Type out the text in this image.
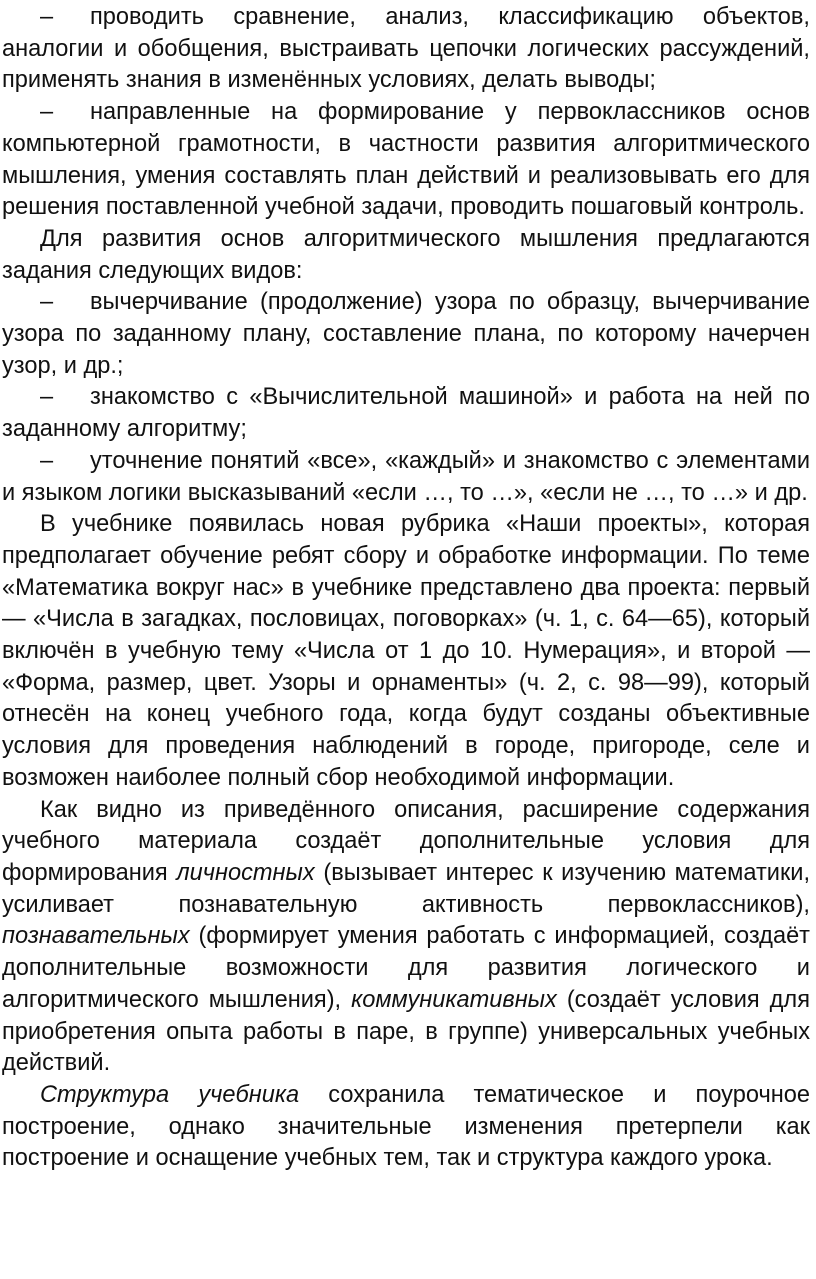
– проводить сравнение, анализ, классификацию объектов, аналогии и обобщения, выстраивать цепочки логических рассуждений, применять знания в изменённых условиях, делать выводы;

– направленные на формирование у первоклассников основ компьютерной грамотности, в частности развития алгоритмического мышления, умения составлять план действий и реализовывать его для решения поставленной учебной задачи, проводить пошаговый контроль.

Для развития основ алгоритмического мышления предлагаются задания следующих видов:

– вычерчивание (продолжение) узора по образцу, вычерчивание узора по заданному плану, составление плана, по которому начерчен узор, и др.;

– знакомство с «Вычислительной машиной» и работа на ней по заданному алгоритму;

– уточнение понятий «все», «каждый» и знакомство с элементами и языком логики высказываний «если …, то …», «если не …, то …» и др.

В учебнике появилась новая рубрика «Наши проекты», которая предполагает обучение ребят сбору и обработке информации. По теме «Математика вокруг нас» в учебнике представлено два проекта: первый — «Числа в загадках, пословицах, поговорках» (ч. 1, с. 64—65), который включён в учебную тему «Числа от 1 до 10. Нумерация», и второй — «Форма, размер, цвет. Узоры и орнаменты» (ч. 2, с. 98—99), который отнесён на конец учебного года, когда будут созданы объективные условия для проведения наблюдений в городе, пригороде, селе и возможен наиболее полный сбор необходимой информации.

Как видно из приведённого описания, расширение содержания учебного материала создаёт дополнительные условия для формирования личностных (вызывает интерес к изучению математики, усиливает познавательную активность первоклассников), познавательных (формирует умения работать с информацией, создаёт дополнительные возможности для развития логического и алгоритмического мышления), коммуникативных (создаёт условия для приобретения опыта работы в паре, в группе) универсальных учебных действий.

Структура учебника сохранила тематическое и поурочное построение, однако значительные изменения претерпели как построение и оснащение учебных тем, так и структура каждого урока.
